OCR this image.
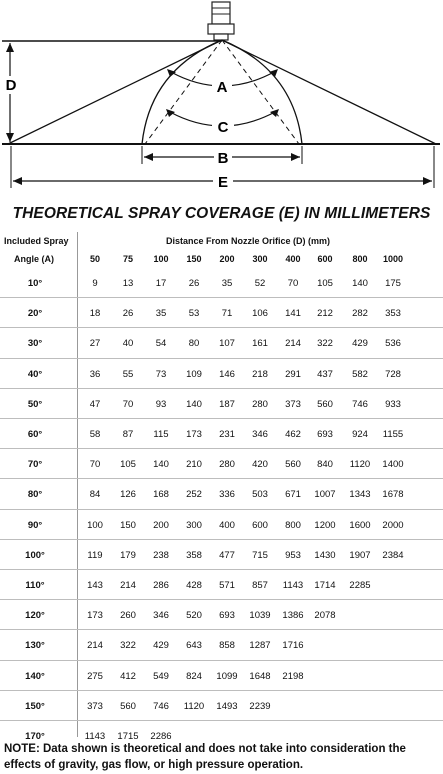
A
C
D
B
E
THEORETICAL SPRAY COVERAGE (E) IN MILLIMETERS
Included Spray
Angle (A)
Distance From Nozzle Orifice (D) (mm)
50	75	100	150	200	300	400	600	800	1000
10°	9	13	17	26	35	52	70	105	140	175
20°	18	26	35	53	71	106	141	212	282	353
30°	27	40	54	80	107	161	214	322	429	536
40°	36	55	73	109	146	218	291	437	582	728
50°	47	70	93	140	187	280	373	560	746	933
60°	58	87	115	173	231	346	462	693	924	1155
70°	70	105	140	210	280	420	560	840	1120	1400
80°	84	126	168	252	336	503	671	1007	1343	1678
90°	100	150	200	300	400	600	800	1200	1600	2000
100°	119	179	238	358	477	715	953	1430	1907	2384
110°	143	214	286	428	571	857	1143	1714	2285
120°	173	260	346	520	693	1039	1386	2078
130°	214	322	429	643	858	1287	1716
140°	275	412	549	824	1099	1648	2198
150°	373	560	746	1120	1493	2239
170°	1143	1715	2286
NOTE: Data shown is theoretical and does not take into consideration the effects of gravity, gas flow, or high pressure operation.
